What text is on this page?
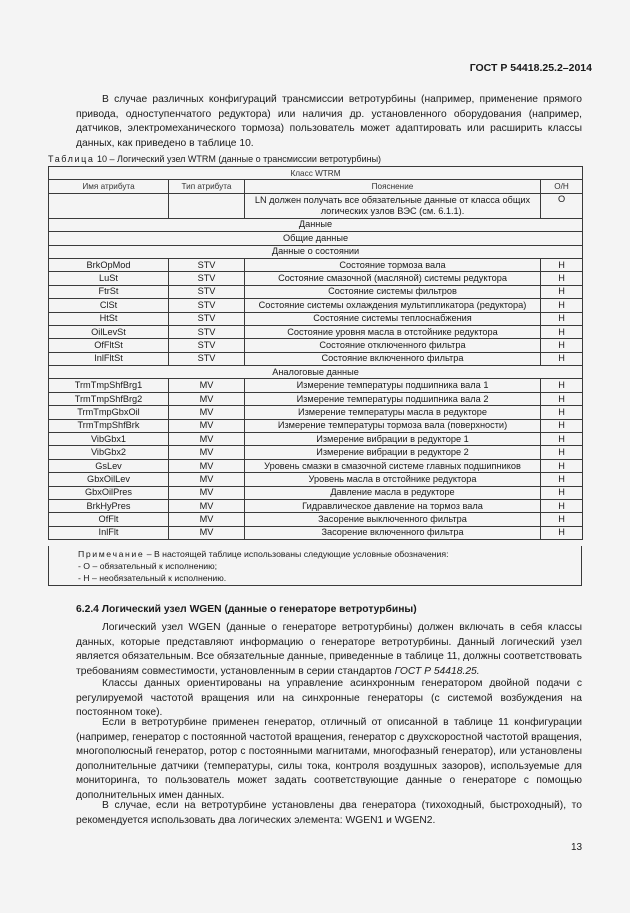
ГОСТ Р 54418.25.2–2014

В случае различных конфигураций трансмиссии ветротурбины (например, применение прямого привода, одноступенчатого редуктора) или наличия др. установленного оборудования (например, датчиков, электромеханического тормоза) пользователь может адаптировать или расширить классы данных, как приведено в таблице 10.

Таблица 10 – Логический узел WTRM (данные о трансмиссии ветротурбины)
Класс WTRM			
Имя атрибута	Тип атрибута	Пояснение	О/Н
		LN должен получать все обязательные данные от класса общих логических узлов ВЭС (см. 6.1.1).	О
Данные			
Общие данные			
Данные о состоянии			
BrkOpMod	STV	Состояние тормоза вала	Н
LuSt	STV	Состояние смазочной (масляной) системы редуктора	Н
FtrSt	STV	Состояние системы фильтров	Н
ClSt	STV	Состояние системы охлаждения мультипликатора (редуктора)	Н
HtSt	STV	Состояние системы теплоснабжения	Н
OilLevSt	STV	Состояние уровня масла в отстойнике редуктора	Н
OfFltSt	STV	Состояние отключенного фильтра	Н
InlFltSt	STV	Состояние включенного фильтра	Н
Аналоговые данные			
TrmTmpShfBrg1	MV	Измерение температуры подшипника вала 1	Н
TrmTmpShfBrg2	MV	Измерение температуры подшипника вала 2	Н
TrmTmpGbxOil	MV	Измерение температуры масла в редукторе	Н
TrmTmpShfBrk	MV	Измерение температуры тормоза вала (поверхности)	Н
VibGbx1	MV	Измерение вибрации в редукторе 1	Н
VibGbx2	MV	Измерение вибрации в редукторе 2	Н
GsLev	MV	Уровень смазки в смазочной системе главных подшипников	Н
GbxOilLev	MV	Уровень масла в отстойнике редуктора	Н
GbxOilPres	MV	Давление масла в редукторе	Н
BrkHyPres	MV	Гидравлическое давление на тормоз вала	Н
OfFlt	MV	Засорение выключенного фильтра	Н
InlFlt	MV	Засорение включенного фильтра	Н
Примечание – В настоящей таблице использованы следующие условные обозначения:
- О – обязательный к исполнению;
- Н – необязательный к исполнению.
6.2.4 Логический узел WGEN (данные о генераторе ветротурбины)

Логический узел WGEN (данные о генераторе ветротурбины) должен включать в себя классы данных, которые представляют информацию о генераторе ветротурбины. Данный логический узел является обязательным. Все обязательные данные, приведенные в таблице 11, должны соответствовать требованиям совместимости, установленным в серии стандартов ГОСТ Р 54418.25.

Классы данных ориентированы на управление асинхронным генератором двойной подачи с регулируемой частотой вращения или на синхронные генераторы (с системой возбуждения на постоянном токе).

Если в ветротурбине применен генератор, отличный от описанной в таблице 11 конфигурации (например, генератор с постоянной частотой вращения, генератор с двухскоростной частотой вращения, многополюсный генератор, ротор с постоянными магнитами, многофазный генератор), или установлены дополнительные датчики (температуры, силы тока, контроля воздушных зазоров), используемые для мониторинга, то пользователь может задать соответствующие данные о генераторе с помощью дополнительных имен данных.

В случае, если на ветротурбине установлены два генератора (тихоходный, быстроходный), то рекомендуется использовать два логических элемента: WGEN1 и WGEN2.

13
